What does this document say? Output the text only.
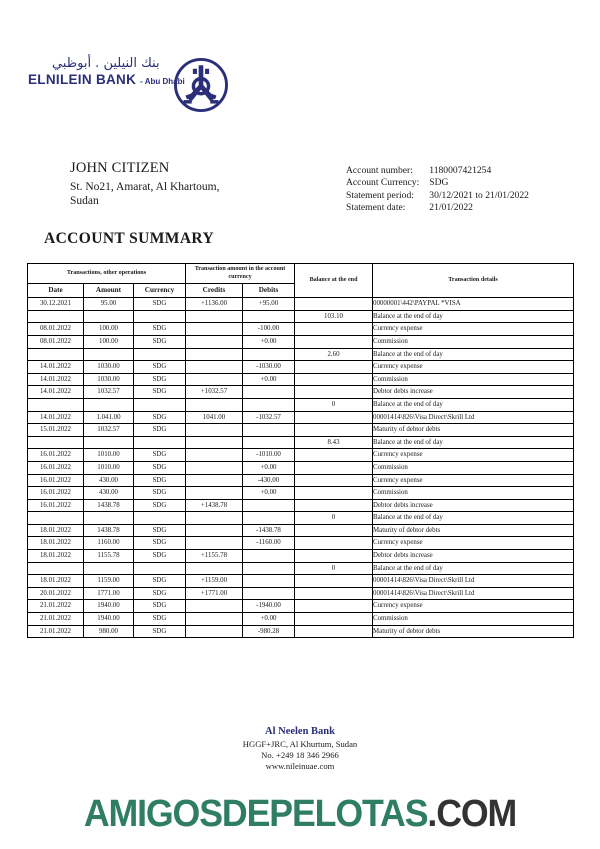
بنك النيلين . أبوظبي
ELNILEIN BANK - Abu Dhabi
JOHN CITIZEN
St. No21, Amarat, Al Khartoum,
Sudan
Account number:	1180007421254
Account Currency:	SDG
Statement period:	30/12/2021 to 21/01/2022
Statement date:	21/01/2022
ACCOUNT SUMMARY
Transactions, other operations			Transaction amount in the account currency		Balance at the end	Transaction details
Date	Amount	Currency	Credits	Debits		
30.12.2021	95.00	SDG	+1136.00	+95.00		00000001\442\PAYPAL *VISA
					103.10	Balance at the end of day
08.01.2022	100.00	SDG		-100.00		Currency expense
08.01.2022	100.00	SDG		+0.00		Commission
					2.60	Balance at the end of day
14.01.2022	1030.00	SDG		-1030.00		Currency expense
14.01.2022	1030.00	SDG		+0.00		Commission
14.01.2022	1032.57	SDG	+1032.57			Debtor debts increase
					0	Balance at the end of day
14.01.2022	1.041.00	SDG	1041.00	-1032.57		00001414\826\Visa Direct\Skrill Ltd
15.01.2022	1032.57	SDG				Maturity of debtor debts
					8.43	Balance at the end of day
16.01.2022	1010.00	SDG		-1010.00		Currency expense
16.01.2022	1010.00	SDG		+0.00		Commission
16.01.2022	430.00	SDG		-430.00		Currency expense
16.01.2022	430.00	SDG		+0.00		Commission
16.01.2022	1438.78	SDG	+1438.78			Debtor debts increase
					0	Balance at the end of day
18.01.2022	1438.78	SDG		-1438.78		Maturity of debtor debts
18.01.2022	1160.00	SDG		-1160.00		Currency expense
18.01.2022	1155.78	SDG	+1155.78			Debtor debts increase
					0	Balance at the end of day
18.01.2022	1159.00	SDG	+1159.00			00001414\826\Visa Direct\Skrill Ltd
20.01.2022	1771.00	SDG	+1771.00			00001414\826\Visa Direct\Skrill Ltd
21.01.2022	1940.00	SDG		-1940.00		Currency expense
21.01.2022	1940.00	SDG		+0.00		Commission
21.01.2022	980.00	SDG		-980.28		Maturity of debtor debts
Al Neelen Bank
HGGF+JRC, Al Khurtum, Sudan
No. +249 18 346 2966
www.nileinuae.com
AMIGOSDEPELOTAS.COM
